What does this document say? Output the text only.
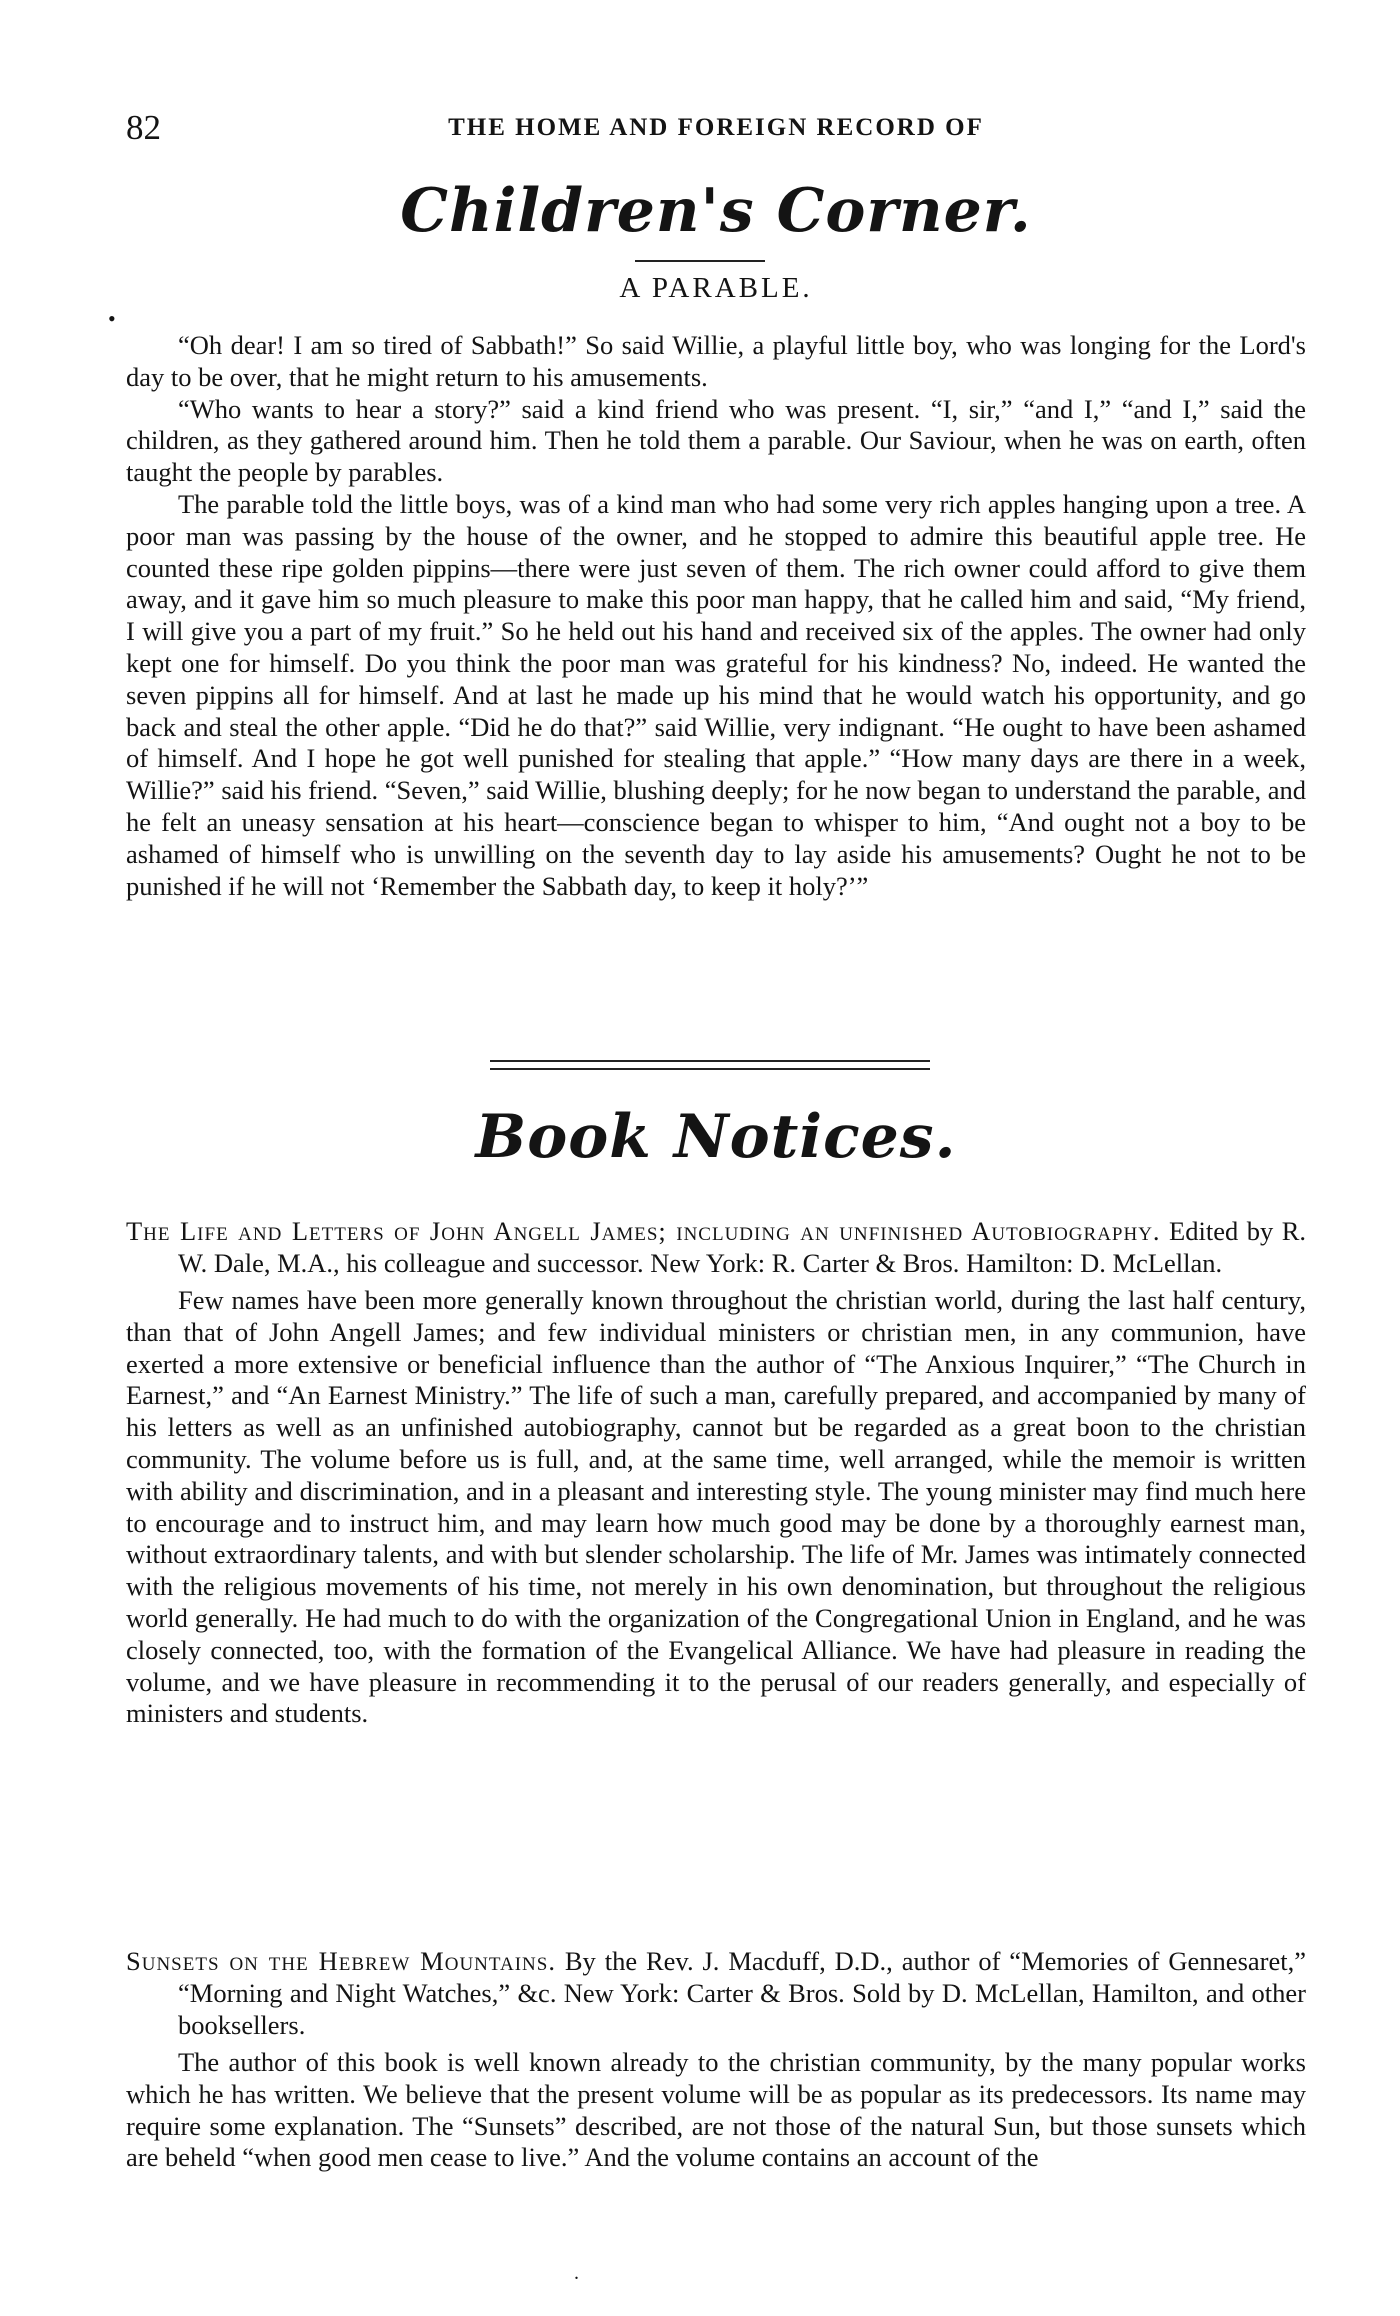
82	THE HOME AND FOREIGN RECORD OF
Children's Corner.
A PARABLE.
•

“Oh dear! I am so tired of Sabbath!” So said Willie, a playful little boy, who was longing for the Lord's day to be over, that he might return to his amusements.

“Who wants to hear a story?” said a kind friend who was present. “I, sir,” “and I,” “and I,” said the children, as they gathered around him. Then he told them a parable. Our Saviour, when he was on earth, often taught the people by parables.

The parable told the little boys, was of a kind man who had some very rich apples hanging upon a tree. A poor man was passing by the house of the owner, and he stopped to admire this beautiful apple tree. He counted these ripe golden pippins—there were just seven of them. The rich owner could afford to give them away, and it gave him so much pleasure to make this poor man happy, that he called him and said, “My friend, I will give you a part of my fruit.” So he held out his hand and received six of the apples. The owner had only kept one for himself. Do you think the poor man was grateful for his kindness? No, indeed. He wanted the seven pippins all for himself. And at last he made up his mind that he would watch his opportunity, and go back and steal the other apple. “Did he do that?” said Willie, very indignant. “He ought to have been ashamed of himself. And I hope he got well punished for stealing that apple.” “How many days are there in a week, Willie?” said his friend. “Seven,” said Willie, blushing deeply; for he now began to understand the parable, and he felt an uneasy sensation at his heart—conscience began to whisper to him, “And ought not a boy to be ashamed of himself who is unwilling on the seventh day to lay aside his amusements? Ought he not to be punished if he will not ‘Remember the Sabbath day, to keep it holy?’”

Book Notices.

The Life and Letters of John Angell James; including an unfinished Autobiography. Edited by R. W. Dale, M.A., his colleague and successor. New York: R. Carter & Bros. Hamilton: D. McLellan.

Few names have been more generally known throughout the christian world, during the last half century, than that of John Angell James; and few individual ministers or christian men, in any communion, have exerted a more extensive or beneficial influence than the author of “The Anxious Inquirer,” “The Church in Earnest,” and “An Earnest Ministry.” The life of such a man, carefully prepared, and accompanied by many of his letters as well as an unfinished autobiography, cannot but be regarded as a great boon to the christian community. The volume before us is full, and, at the same time, well arranged, while the memoir is written with ability and discrimination, and in a pleasant and interesting style. The young minister may find much here to encourage and to instruct him, and may learn how much good may be done by a thoroughly earnest man, without extraordinary talents, and with but slender scholarship. The life of Mr. James was intimately connected with the religious movements of his time, not merely in his own denomination, but throughout the religious world generally. He had much to do with the organization of the Congregational Union in England, and he was closely connected, too, with the formation of the Evangelical Alliance. We have had pleasure in reading the volume, and we have pleasure in recommending it to the perusal of our readers generally, and especially of ministers and students.

Sunsets on the Hebrew Mountains. By the Rev. J. Macduff, D.D., author of “Memories of Gennesaret,” “Morning and Night Watches,” &c. New York: Carter & Bros. Sold by D. McLellan, Hamilton, and other booksellers.

The author of this book is well known already to the christian community, by the many popular works which he has written. We believe that the present volume will be as popular as its predecessors. Its name may require some explanation. The “Sunsets” described, are not those of the natural Sun, but those sunsets which are beheld “when good men cease to live.” And the volume contains an account of the

.
